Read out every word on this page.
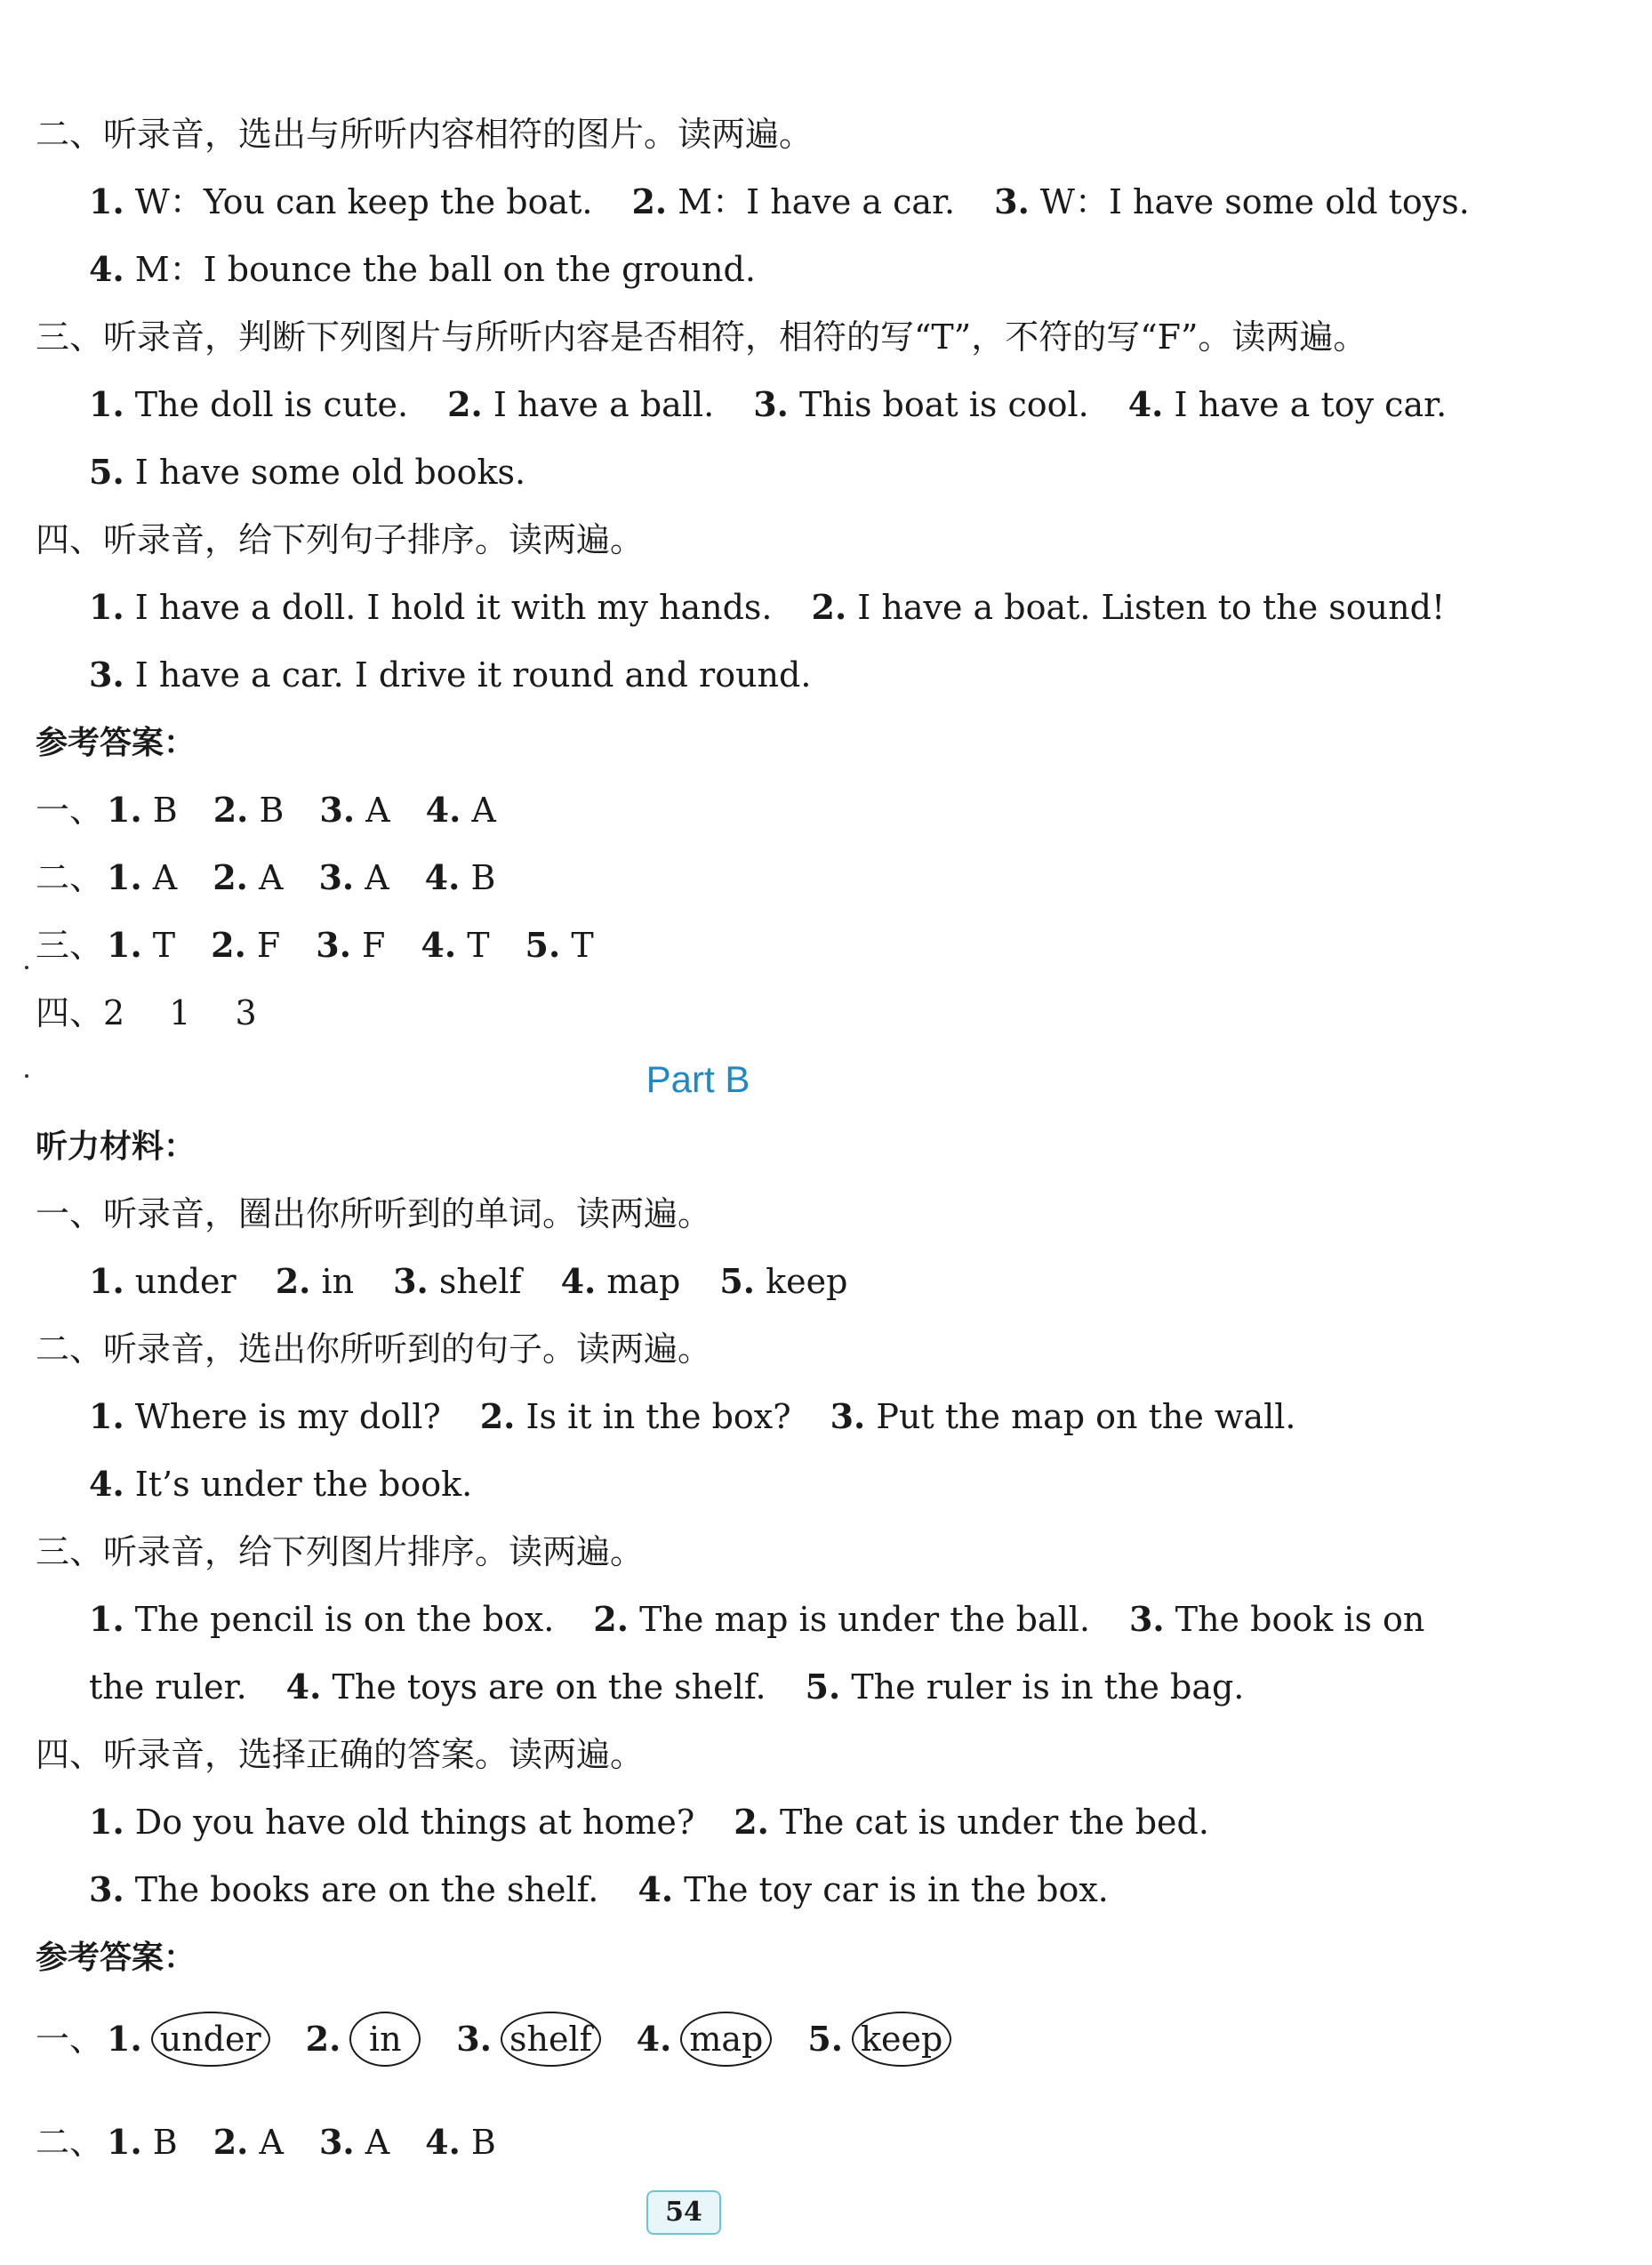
二、听录音，选出与所听内容相符的图片。读两遍。
1. W：You can keep the boat. 2. M：I have a car. 3. W：I have some old toys.
4. M：I bounce the ball on the ground.
三、听录音，判断下列图片与所听内容是否相符，相符的写“T”，不符的写“F”。读两遍。
1. The doll is cute. 2. I have a ball. 3. This boat is cool. 4. I have a toy car.
5. I have some old books.
四、听录音，给下列句子排序。读两遍。
1. I have a doll. I hold it with my hands. 2. I have a boat. Listen to the sound!
3. I have a car. I drive it round and round.
参考答案：
一、 1. B 2. B 3. A 4. A
二、 1. A 2. A 3. A 4. B
三、 1. T 2. F 3. F 4. T 5. T
四、2　 1　 3
Part B
听力材料：
一、听录音，圈出你所听到的单词。读两遍。
1. under 2. in 3. shelf 4. map 5. keep
二、听录音，选出你所听到的句子。读两遍。
1. Where is my doll? 2. Is it in the box? 3. Put the map on the wall.
4. It’s under the book.
三、听录音，给下列图片排序。读两遍。
1. The pencil is on the box. 2. The map is under the ball. 3. The book is on
the ruler. 4. The toys are on the shelf. 5. The ruler is in the bag.
四、听录音，选择正确的答案。读两遍。
1. Do you have old things at home? 2. The cat is under the bed.
3. The books are on the shelf. 4. The toy car is in the box.
参考答案：
一、 1. under 2. in 3. shelf 4. map 5. keep
二、 1. B 2. A 3. A 4. B
54
